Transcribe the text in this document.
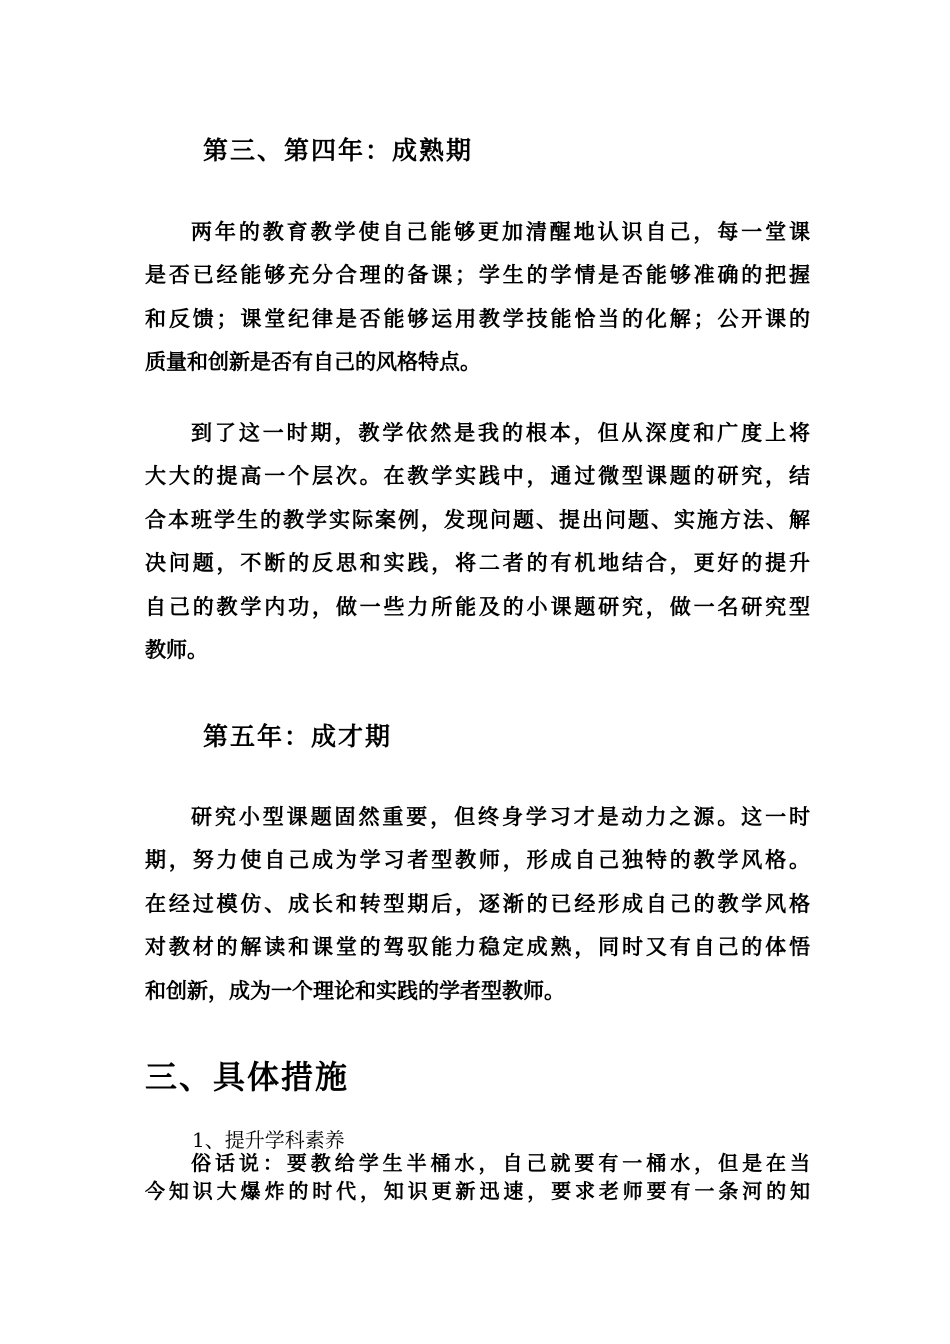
第三、第四年：成熟期
两年的教育教学使自己能够更加清醒地认识自己，每一堂课
是否已经能够充分合理的备课；学生的学情是否能够准确的把握
和反馈；课堂纪律是否能够运用教学技能恰当的化解；公开课的
质量和创新是否有自己的风格特点。
到了这一时期，教学依然是我的根本，但从深度和广度上将
大大的提高一个层次。在教学实践中，通过微型课题的研究，结
合本班学生的教学实际案例，发现问题、提出问题、实施方法、解
决问题，不断的反思和实践，将二者的有机地结合，更好的提升
自己的教学内功，做一些力所能及的小课题研究，做一名研究型
教师。
第五年：成才期
研究小型课题固然重要，但终身学习才是动力之源。这一时
期，努力使自己成为学习者型教师，形成自己独特的教学风格。
在经过模仿、成长和转型期后，逐渐的已经形成自己的教学风格
对教材的解读和课堂的驾驭能力稳定成熟，同时又有自己的体悟
和创新，成为一个理论和实践的学者型教师。
三、具体措施
1、提升学科素养
俗话说：要教给学生半桶水，自己就要有一桶水，但是在当
今知识大爆炸的时代，知识更新迅速，要求老师要有一条河的知
